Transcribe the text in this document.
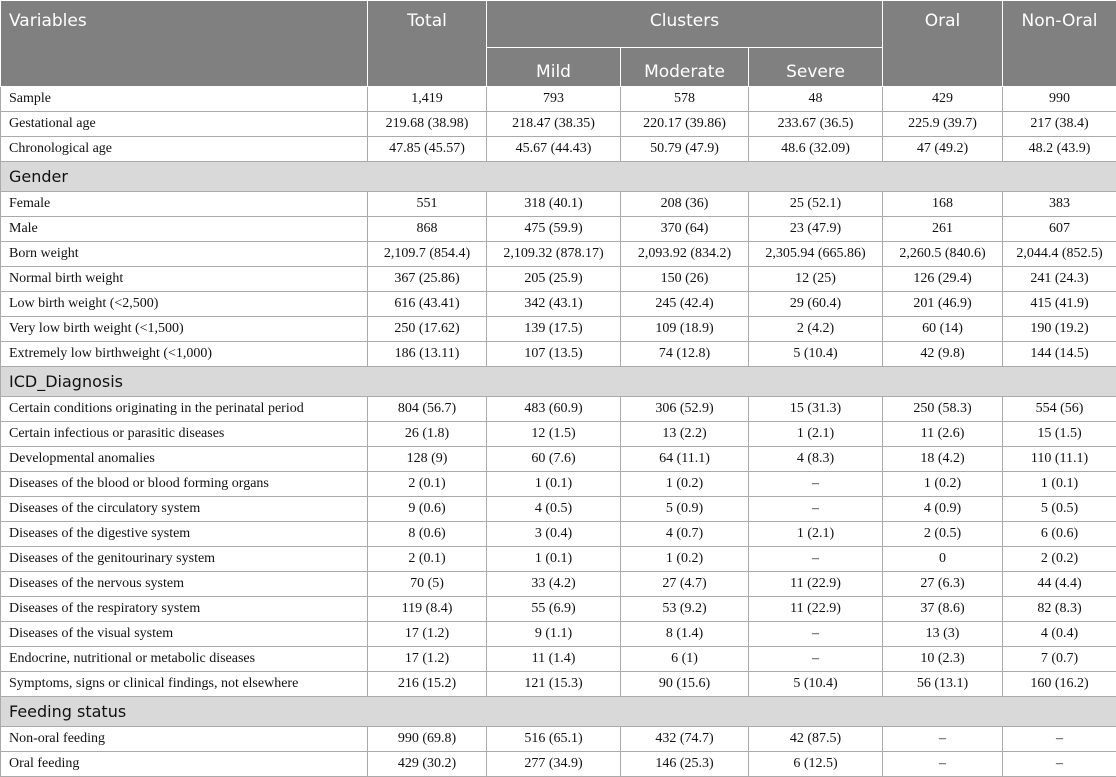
Variables	Total	Clusters			Oral	Non-Oral
		Mild	Moderate	Severe		
Sample	1,419	793	578	48	429	990
Gestational age	219.68 (38.98)	218.47 (38.35)	220.17 (39.86)	233.67 (36.5)	225.9 (39.7)	217 (38.4)
Chronological age	47.85 (45.57)	45.67 (44.43)	50.79 (47.9)	48.6 (32.09)	47 (49.2)	48.2 (43.9)
Gender						
Female	551	318 (40.1)	208 (36)	25 (52.1)	168	383
Male	868	475 (59.9)	370 (64)	23 (47.9)	261	607
Born weight	2,109.7 (854.4)	2,109.32 (878.17)	2,093.92 (834.2)	2,305.94 (665.86)	2,260.5 (840.6)	2,044.4 (852.5)
Normal birth weight	367 (25.86)	205 (25.9)	150 (26)	12 (25)	126 (29.4)	241 (24.3)
Low birth weight (<2,500)	616 (43.41)	342 (43.1)	245 (42.4)	29 (60.4)	201 (46.9)	415 (41.9)
Very low birth weight (<1,500)	250 (17.62)	139 (17.5)	109 (18.9)	2 (4.2)	60 (14)	190 (19.2)
Extremely low birthweight (<1,000)	186 (13.11)	107 (13.5)	74 (12.8)	5 (10.4)	42 (9.8)	144 (14.5)
ICD_Diagnosis						
Certain conditions originating in the perinatal period	804 (56.7)	483 (60.9)	306 (52.9)	15 (31.3)	250 (58.3)	554 (56)
Certain infectious or parasitic diseases	26 (1.8)	12 (1.5)	13 (2.2)	1 (2.1)	11 (2.6)	15 (1.5)
Developmental anomalies	128 (9)	60 (7.6)	64 (11.1)	4 (8.3)	18 (4.2)	110 (11.1)
Diseases of the blood or blood forming organs	2 (0.1)	1 (0.1)	1 (0.2)	–	1 (0.2)	1 (0.1)
Diseases of the circulatory system	9 (0.6)	4 (0.5)	5 (0.9)	–	4 (0.9)	5 (0.5)
Diseases of the digestive system	8 (0.6)	3 (0.4)	4 (0.7)	1 (2.1)	2 (0.5)	6 (0.6)
Diseases of the genitourinary system	2 (0.1)	1 (0.1)	1 (0.2)	–	0	2 (0.2)
Diseases of the nervous system	70 (5)	33 (4.2)	27 (4.7)	11 (22.9)	27 (6.3)	44 (4.4)
Diseases of the respiratory system	119 (8.4)	55 (6.9)	53 (9.2)	11 (22.9)	37 (8.6)	82 (8.3)
Diseases of the visual system	17 (1.2)	9 (1.1)	8 (1.4)	–	13 (3)	4 (0.4)
Endocrine, nutritional or metabolic diseases	17 (1.2)	11 (1.4)	6 (1)	–	10 (2.3)	7 (0.7)
Symptoms, signs or clinical findings, not elsewhere	216 (15.2)	121 (15.3)	90 (15.6)	5 (10.4)	56 (13.1)	160 (16.2)
Feeding status						
Non-oral feeding	990 (69.8)	516 (65.1)	432 (74.7)	42 (87.5)	–	–
Oral feeding	429 (30.2)	277 (34.9)	146 (25.3)	6 (12.5)	–	–
